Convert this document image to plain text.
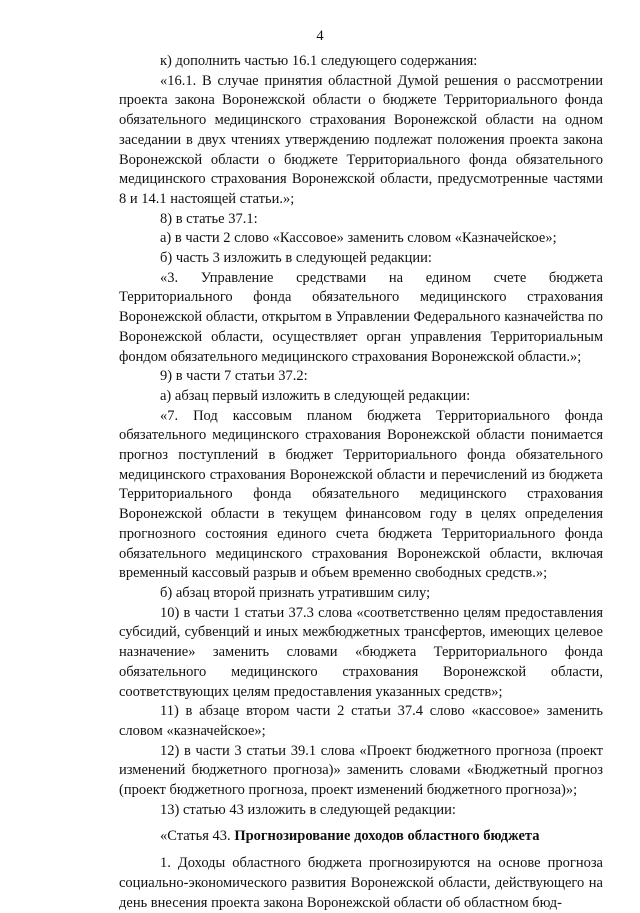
4

к) дополнить частью 16.1 следующего содержания:

«16.1. В случае принятия областной Думой решения о рассмотрении проекта закона Воронежской области о бюджете Территориального фонда обязательного медицинского страхования Воронежской области на одном заседании в двух чтениях утверждению подлежат положения проекта закона Воронежской области о бюджете Территориального фонда обязательного медицинского страхования Воронежской области, предусмотренные частями 8 и 14.1 настоящей статьи.»;

8) в статье 37.1:

а) в части 2 слово «Кассовое» заменить словом «Казначейское»;

б) часть 3 изложить в следующей редакции:

«3. Управление средствами на едином счете бюджета Территориального фонда обязательного медицинского страхования Воронежской области, открытом в Управлении Федерального казначейства по Воронежской области, осуществляет орган управления Территориальным фондом обязательного медицинского страхования Воронежской области.»;

9) в части 7 статьи 37.2:

а) абзац первый изложить в следующей редакции:

«7. Под кассовым планом бюджета Территориального фонда обязательного медицинского страхования Воронежской области понимается прогноз поступлений в бюджет Территориального фонда обязательного медицинского страхования Воронежской области и перечислений из бюджета Территориального фонда обязательного медицинского страхования Воронежской области в текущем финансовом году в целях определения прогнозного состояния единого счета бюджета Территориального фонда обязательного медицинского страхования Воронежской области, включая временный кассовый разрыв и объем временно свободных средств.»;

б) абзац второй признать утратившим силу;

10) в части 1 статьи 37.3 слова «соответственно целям предоставления субсидий, субвенций и иных межбюджетных трансфертов, имеющих целевое назначение» заменить словами «бюджета Территориального фонда обязательного медицинского страхования Воронежской области, соответствующих целям предоставления указанных средств»;

11) в абзаце втором части 2 статьи 37.4 слово «кассовое» заменить словом «казначейское»;

12) в части 3 статьи 39.1 слова «Проект бюджетного прогноза (проект изменений бюджетного прогноза)» заменить словами «Бюджетный прогноз (проект бюджетного прогноза, проект изменений бюджетного прогноза)»;

13) статью 43 изложить в следующей редакции:

«Статья 43. Прогнозирование доходов областного бюджета

1. Доходы областного бюджета прогнозируются на основе прогноза социально-экономического развития Воронежской области, действующего на день внесения проекта закона Воронежской области об областном бюд-
